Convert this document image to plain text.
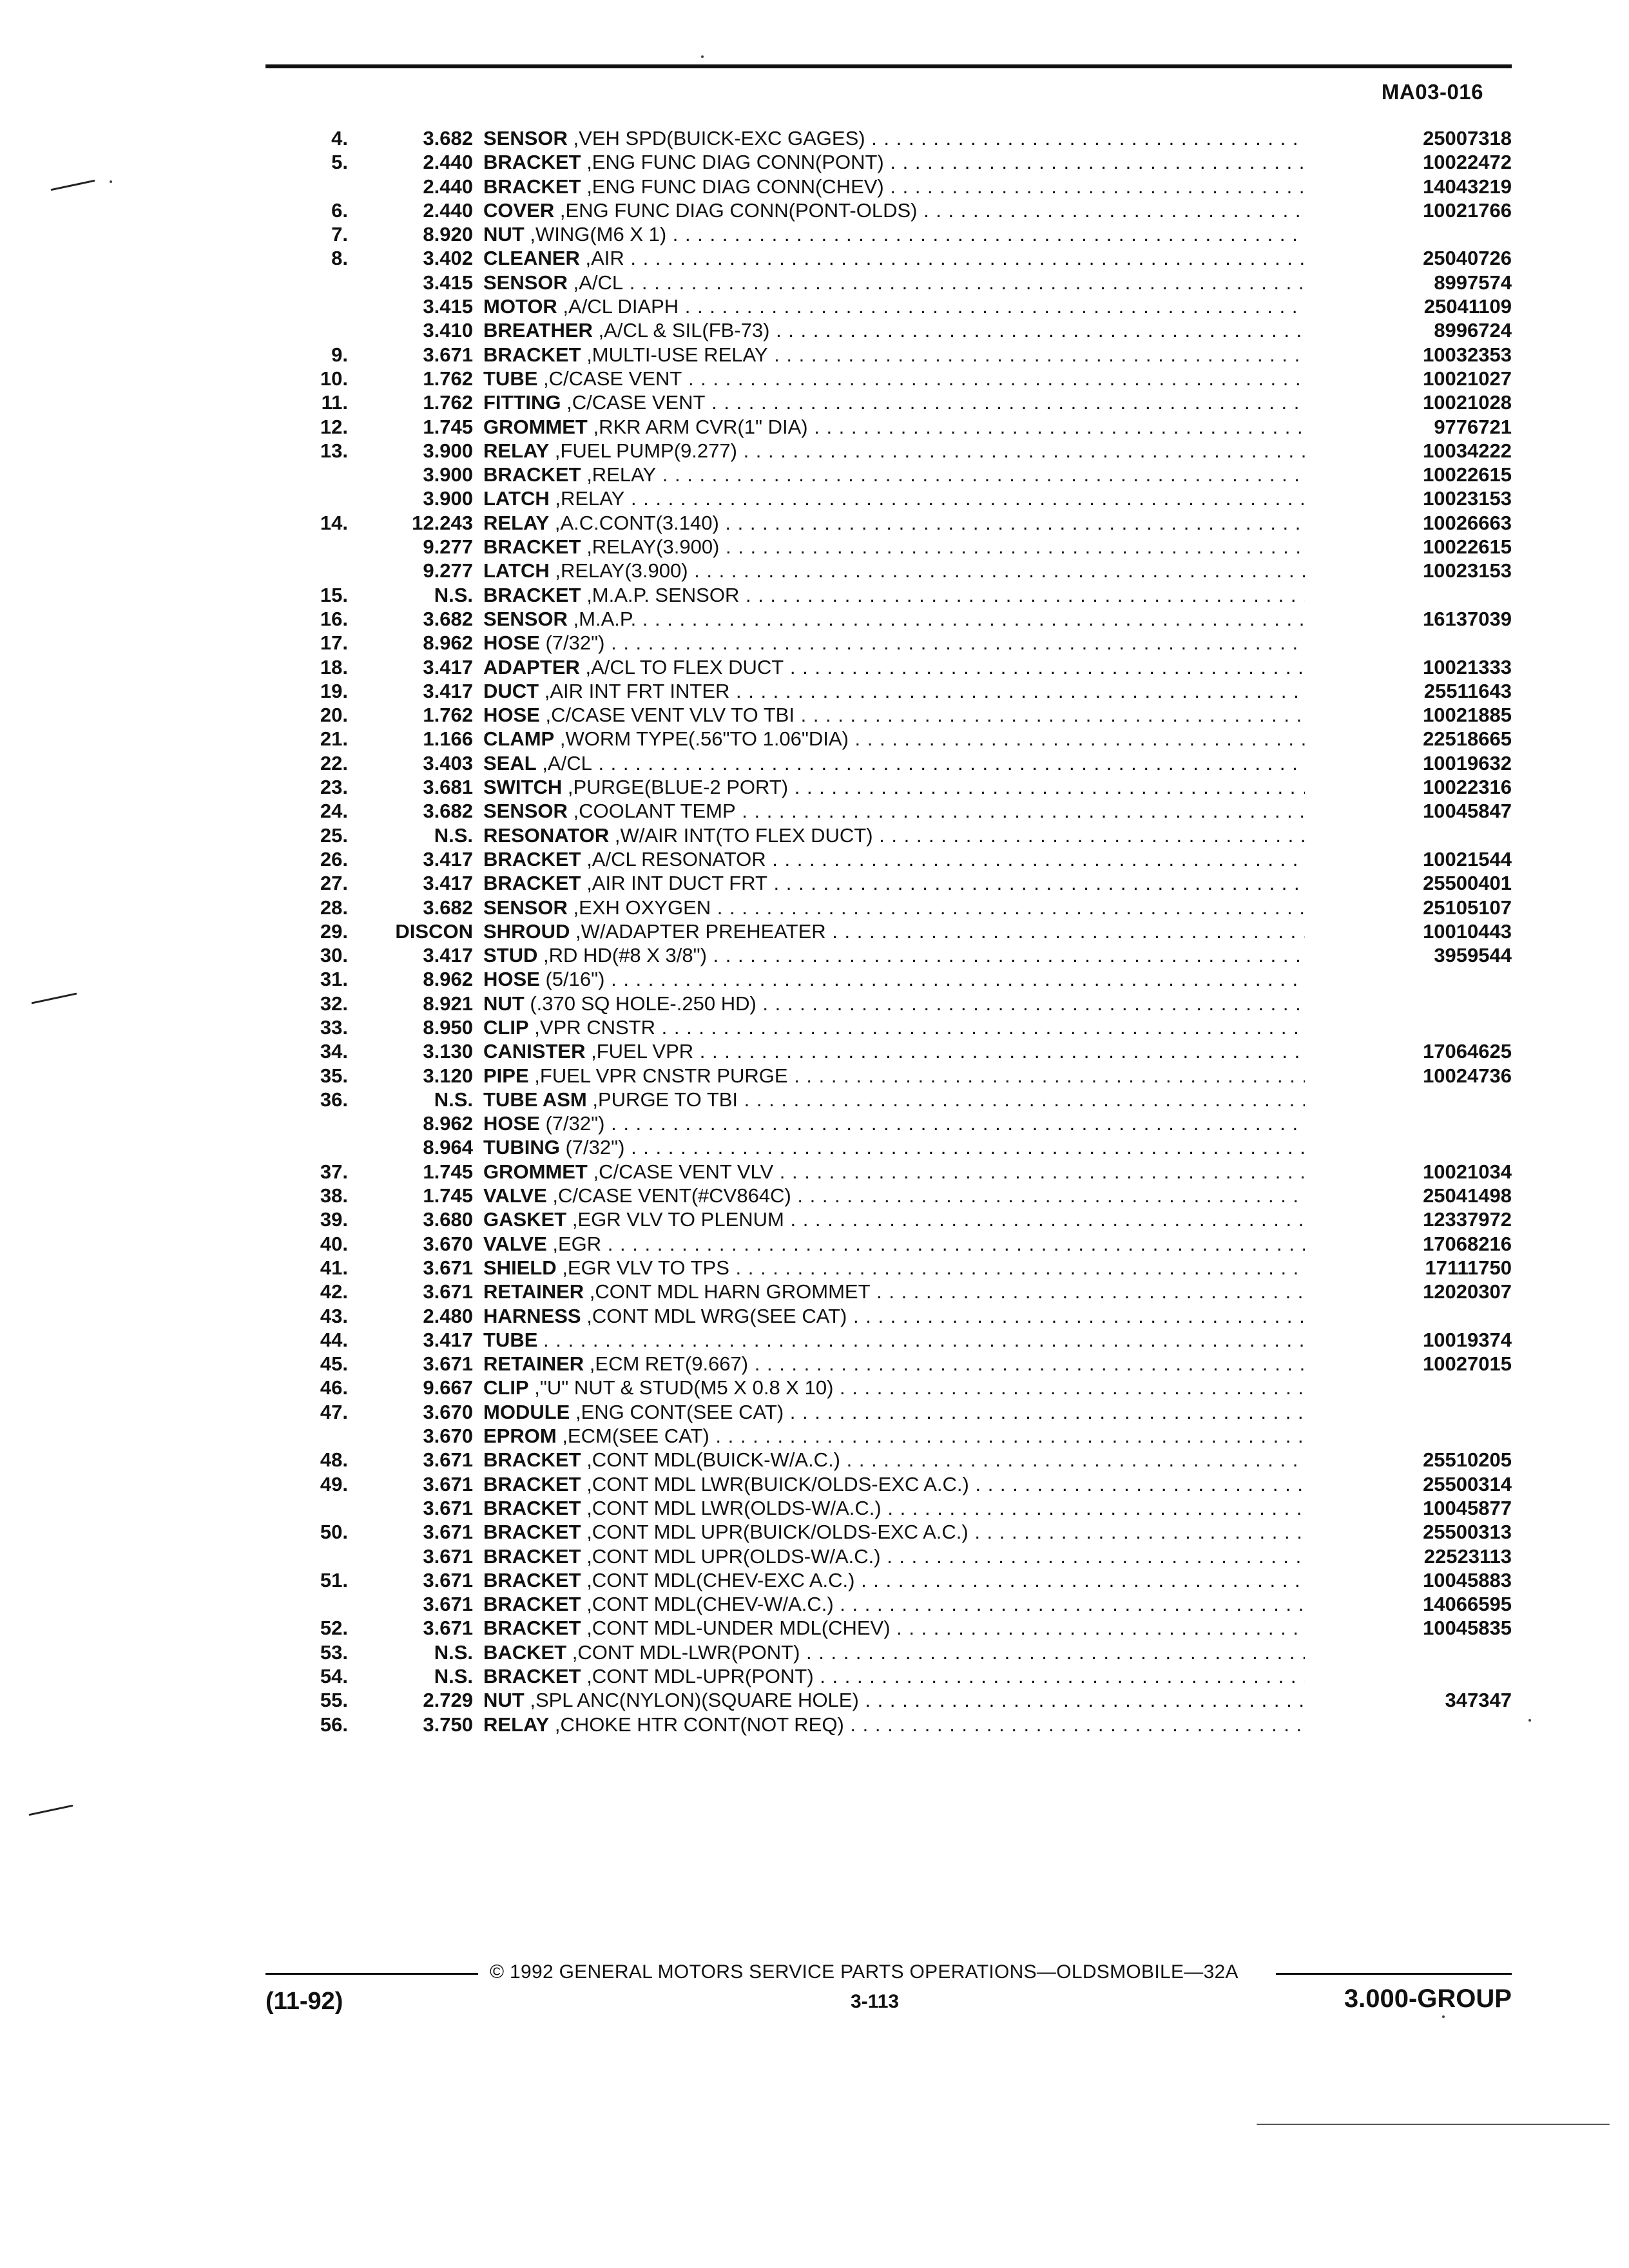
MA03-016
4.	3.682 SENSOR ,VEH SPD(BUICK-EXC GAGES) . . .	25007318
5.	2.440 BRACKET ,ENG FUNC DIAG CONN(PONT) . . .	10022472
2.440 BRACKET ,ENG FUNC DIAG CONN(CHEV) . . .	14043219
6.	2.440 COVER ,ENG FUNC DIAG CONN(PONT-OLDS) . . .	10021766
7.	8.920 NUT ,WING(M6 X 1) . . .
8.	3.402 CLEANER ,AIR . . .	25040726
3.415 SENSOR ,A/CL . . .	8997574
3.415 MOTOR ,A/CL DIAPH . . .	25041109
3.410 BREATHER ,A/CL & SIL(FB-73) . . .	8996724
9.	3.671 BRACKET ,MULTI-USE RELAY . . .	10032353
10.	1.762 TUBE ,C/CASE VENT . . .	10021027
11.	1.762 FITTING ,C/CASE VENT . . .	10021028
12.	1.745 GROMMET ,RKR ARM CVR(1" DIA) . . .	9776721
13.	3.900 RELAY ,FUEL PUMP(9.277) . . .	10034222
3.900 BRACKET ,RELAY . . .	10022615
3.900 LATCH ,RELAY . . .	10023153
14.	12.243 RELAY ,A.C.CONT(3.140) . . .	10026663
9.277 BRACKET ,RELAY(3.900) . . .	10022615
9.277 LATCH ,RELAY(3.900) . . .	10023153
15.	N.S. BRACKET ,M.A.P. SENSOR . . .
16.	3.682 SENSOR ,M.A.P. . . .	16137039
17.	8.962 HOSE (7/32") . . .
18.	3.417 ADAPTER ,A/CL TO FLEX DUCT . . .	10021333
19.	3.417 DUCT ,AIR INT FRT INTER . . .	25511643
20.	1.762 HOSE ,C/CASE VENT VLV TO TBI . . .	10021885
21.	1.166 CLAMP ,WORM TYPE(.56"TO 1.06"DIA) . . .	22518665
22.	3.403 SEAL ,A/CL . . .	10019632
23.	3.681 SWITCH ,PURGE(BLUE-2 PORT) . . .	10022316
24.	3.682 SENSOR ,COOLANT TEMP . . .	10045847
25.	N.S. RESONATOR ,W/AIR INT(TO FLEX DUCT) . . .
26.	3.417 BRACKET ,A/CL RESONATOR . . .	10021544
27.	3.417 BRACKET ,AIR INT DUCT FRT . . .	25500401
28.	3.682 SENSOR ,EXH OXYGEN . . .	25105107
29.	DISCON SHROUD ,W/ADAPTER PREHEATER . . .	10010443
30.	3.417 STUD ,RD HD(#8 X 3/8") . . .	3959544
31.	8.962 HOSE (5/16") . . .
32.	8.921 NUT (.370 SQ HOLE-.250 HD) . . .
33.	8.950 CLIP ,VPR CNSTR . . .
34.	3.130 CANISTER ,FUEL VPR . . .	17064625
35.	3.120 PIPE ,FUEL VPR CNSTR PURGE . . .	10024736
36.	N.S. TUBE ASM ,PURGE TO TBI . . .
8.962 HOSE (7/32") . . .
8.964 TUBING (7/32") . . .
37.	1.745 GROMMET ,C/CASE VENT VLV . . .	10021034
38.	1.745 VALVE ,C/CASE VENT(#CV864C) . . .	25041498
39.	3.680 GASKET ,EGR VLV TO PLENUM . . .	12337972
40.	3.670 VALVE ,EGR . . .	17068216
41.	3.671 SHIELD ,EGR VLV TO TPS . . .	17111750
42.	3.671 RETAINER ,CONT MDL HARN GROMMET . . .	12020307
43.	2.480 HARNESS ,CONT MDL WRG(SEE CAT) . . .
44.	3.417 TUBE . . .	10019374
45.	3.671 RETAINER ,ECM RET(9.667) . . .	10027015
46.	9.667 CLIP ,"U" NUT & STUD(M5 X 0.8 X 10) . . .
47.	3.670 MODULE ,ENG CONT(SEE CAT) . . .
3.670 EPROM ,ECM(SEE CAT) . . .
48.	3.671 BRACKET ,CONT MDL(BUICK-W/A.C.) . . .	25510205
49.	3.671 BRACKET ,CONT MDL LWR(BUICK/OLDS-EXC A.C.) . . .	25500314
3.671 BRACKET ,CONT MDL LWR(OLDS-W/A.C.) . . .	10045877
50.	3.671 BRACKET ,CONT MDL UPR(BUICK/OLDS-EXC A.C.) . . .	25500313
3.671 BRACKET ,CONT MDL UPR(OLDS-W/A.C.) . . .	22523113
51.	3.671 BRACKET ,CONT MDL(CHEV-EXC A.C.) . . .	10045883
3.671 BRACKET ,CONT MDL(CHEV-W/A.C.) . . .	14066595
52.	3.671 BRACKET ,CONT MDL-UNDER MDL(CHEV) . . .	10045835
53.	N.S. BACKET ,CONT MDL-LWR(PONT) . . .
54.	N.S. BRACKET ,CONT MDL-UPR(PONT) . . .
55.	2.729 NUT ,SPL ANC(NYLON)(SQUARE HOLE) . . .	347347
56.	3.750 RELAY ,CHOKE HTR CONT(NOT REQ) . . .
© 1992 GENERAL MOTORS SERVICE PARTS OPERATIONS—OLDSMOBILE—32A
(11-92)	3-113	3.000-GROUP
